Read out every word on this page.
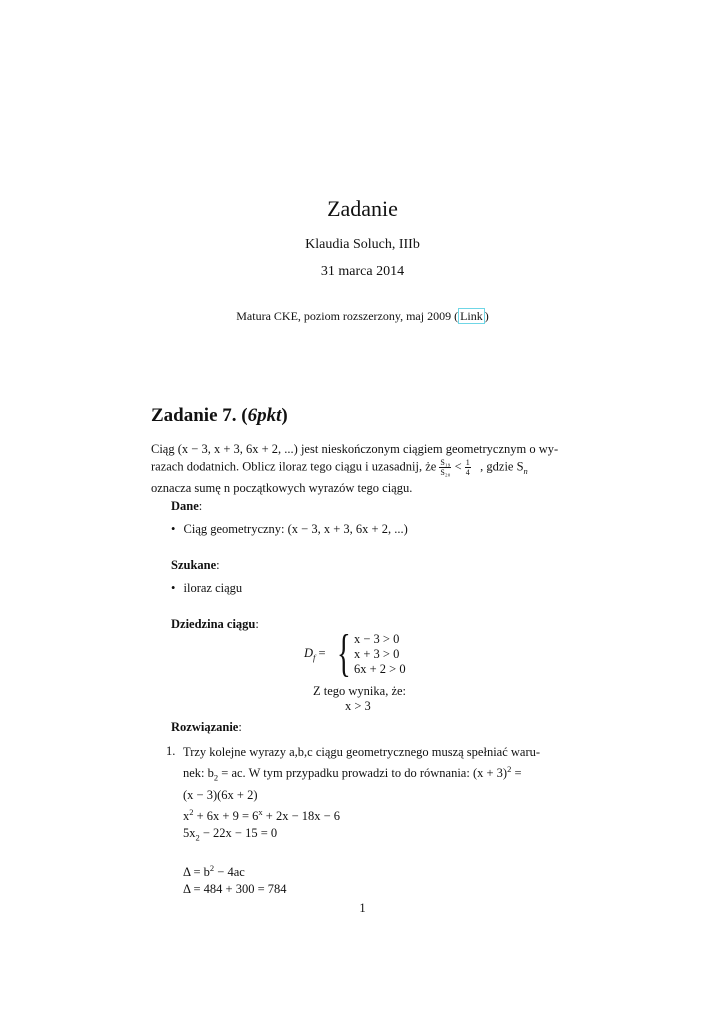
Zadanie
Klaudia Soluch, IIIb
31 marca 2014
Matura CKE, poziom rozszerzony, maj 2009 ( Link )
Zadanie 7. (6pkt)
Ciąg (x − 3, x + 3, 6x + 2, ...) jest nieskończonym ciągiem geometrycznym o wy-
razach dodatnich. Oblicz iloraz tego ciągu i uzasadnij, że $\frac{\text{S₁₉}}{\text{S₂₀}} < \frac{1}{4}$ , gdzie $S_n$
oznacza sumę n początkowych wyrazów tego ciągu.
Dane:
• Ciąg geometryczny: (x − 3, x + 3, 6x + 2, ...)
Szukane:
• iloraz ciągu
Dziedzina ciągu:
$D_f$ = { x − 3 > 0
x + 3 > 0
6x + 2 > 0
Z tego wynika, że:
x > 3
Rozwiązanie:
1. Trzy kolejne wyrazy a,b,c ciągu geometrycznego muszą spełniać waru-
nek: $b_2$ = ac. W tym przypadku prowadzi to do równania: $(x + 3)^2$ =
(x − 3)(6x + 2)
$x^2 + 6x + 9 = 6^x + 2x - 18x - 6$
$5x_2 - 22x - 15 = 0$
$\Delta = b^2 - 4ac$
Δ = 484 + 300 = 784
1
